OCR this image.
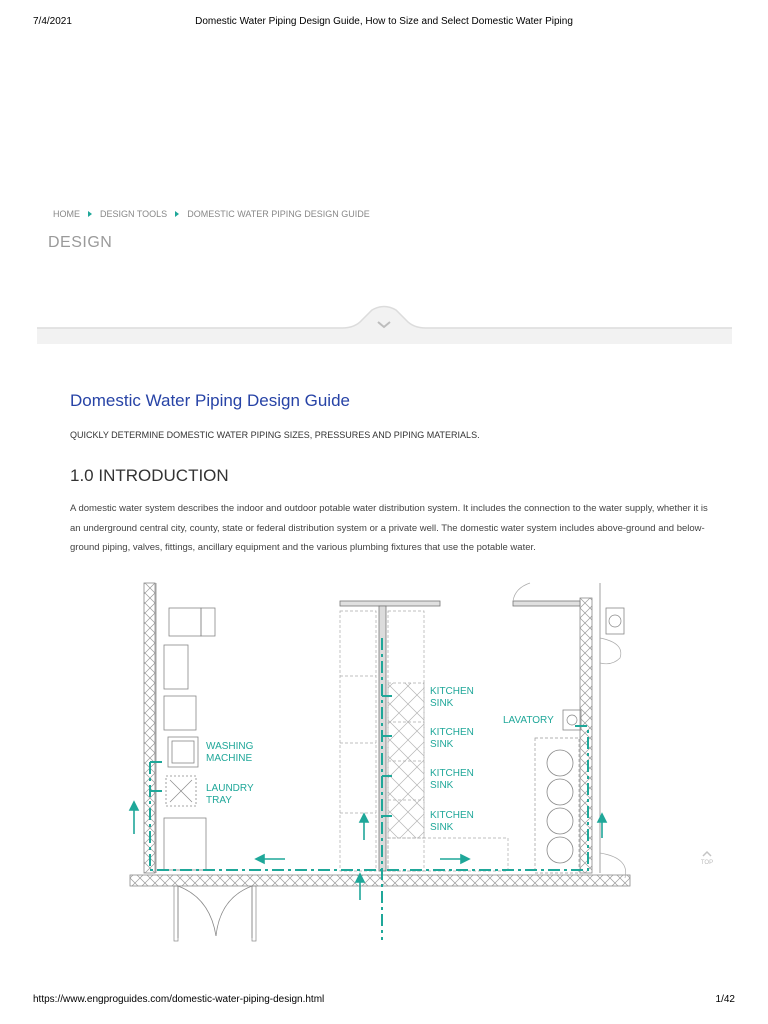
7/4/2021	Domestic Water Piping Design Guide, How to Size and Select Domestic Water Piping
HOME DESIGN TOOLS DOMESTIC WATER PIPING DESIGN GUIDE
DESIGN
Domestic Water Piping Design Guide
QUICKLY DETERMINE DOMESTIC WATER PIPING SIZES, PRESSURES AND PIPING MATERIALS.
1.0 INTRODUCTION
A domestic water system describes the indoor and outdoor potable water distribution system. It includes the connection to the water supply, whether it is an underground central city, county, state or federal distribution system or a private well. The domestic water system includes above-ground and below-ground piping, valves, fittings, ancillary equipment and the various plumbing fixtures that use the potable water.
WASHING
MACHINE
LAUNDRY
TRAY
KITCHEN
SINK
KITCHEN
SINK
KITCHEN
SINK
KITCHEN
SINK
LAVATORY
TOP
https://www.engproguides.com/domestic-water-piping-design.html	1/42
